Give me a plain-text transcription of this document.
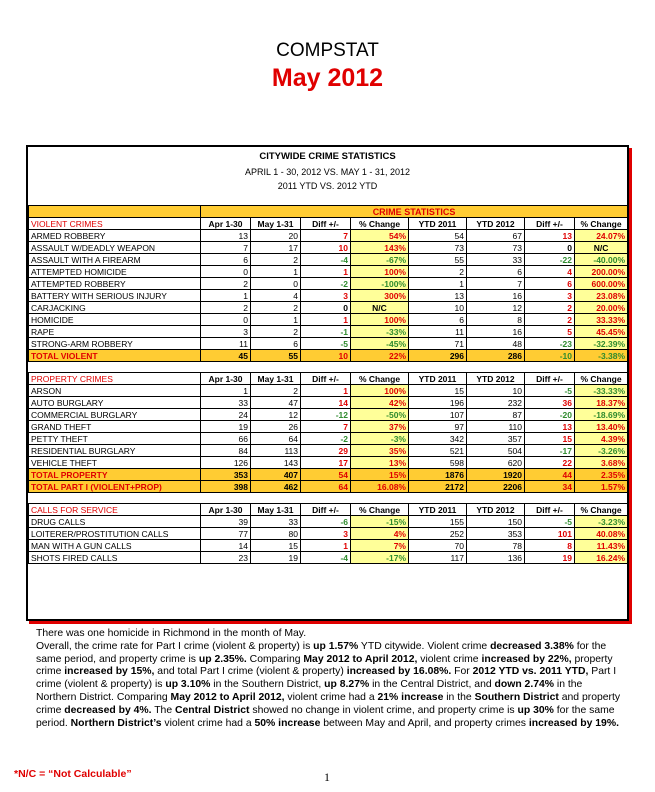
COMPSTAT
May 2012
CITYWIDE CRIME STATISTICS
APRIL 1 - 30, 2012 VS. MAY 1 - 31, 2012
2011 YTD VS. 2012 YTD
	CRIME STATISTICS							
VIOLENT CRIMES	Apr 1-30	May 1-31	Diff +/-	% Change	YTD 2011	YTD 2012	Diff +/-	% Change
ARMED ROBBERY	13	20	7	54%	54	67	13	24.07%
ASSAULT W/DEADLY WEAPON	7	17	10	143%	73	73	0	N/C
ASSAULT WITH A FIREARM	6	2	-4	-67%	55	33	-22	-40.00%
ATTEMPTED HOMICIDE	0	1	1	100%	2	6	4	200.00%
ATTEMPTED ROBBERY	2	0	-2	-100%	1	7	6	600.00%
BATTERY WITH SERIOUS INJURY	1	4	3	300%	13	16	3	23.08%
CARJACKING	2	2	0	N/C	10	12	2	20.00%
HOMICIDE	0	1	1	100%	6	8	2	33.33%
RAPE	3	2	-1	-33%	11	16	5	45.45%
STRONG-ARM ROBBERY	11	6	-5	-45%	71	48	-23	-32.39%
TOTAL VIOLENT	45	55	10	22%	296	286	-10	-3.38%

PROPERTY CRIMES	Apr 1-30	May 1-31	Diff +/-	% Change	YTD 2011	YTD 2012	Diff +/-	% Change
ARSON	1	2	1	100%	15	10	-5	-33.33%
AUTO BURGLARY	33	47	14	42%	196	232	36	18.37%
COMMERCIAL BURGLARY	24	12	-12	-50%	107	87	-20	-18.69%
GRAND THEFT	19	26	7	37%	97	110	13	13.40%
PETTY THEFT	66	64	-2	-3%	342	357	15	4.39%
RESIDENTIAL BURGLARY	84	113	29	35%	521	504	-17	-3.26%
VEHICLE THEFT	126	143	17	13%	598	620	22	3.68%
TOTAL PROPERTY	353	407	54	15%	1876	1920	44	2.35%
TOTAL PART I (VIOLENT+PROP)	398	462	64	16.08%	2172	2206	34	1.57%

CALLS FOR SERVICE	Apr 1-30	May 1-31	Diff +/-	% Change	YTD 2011	YTD 2012	Diff +/-	% Change
DRUG CALLS	39	33	-6	-15%	155	150	-5	-3.23%
LOITERER/PROSTITUTION CALLS	77	80	3	4%	252	353	101	40.08%
MAN WITH A GUN CALLS	14	15	1	7%	70	78	8	11.43%
SHOTS FIRED CALLS	23	19	-4	-17%	117	136	19	16.24%

There was one homicide in Richmond in the month of May.

Overall, the crime rate for Part I crime (violent & property) is up 1.57% YTD citywide. Violent crime decreased 3.38% for the same period, and property crime is up 2.35%. Comparing May 2012 to April 2012, violent crime increased by 22%, property crime increased by 15%, and total Part I crime (violent & property) increased by 16.08%. For 2012 YTD vs. 2011 YTD, Part I crime (violent & property) is up 3.10% in the Southern District, up 8.27% in the Central District, and down 2.74% in the Northern District. Comparing May 2012 to April 2012, violent crime had a 21% increase in the Southern District and property crime decreased by 4%. The Central District showed no change in violent crime, and property crime is up 30% for the same period. Northern District’s violent crime had a 50% increase between May and April, and property crimes increased by 19%.

*N/C = “Not Calculable”	1
